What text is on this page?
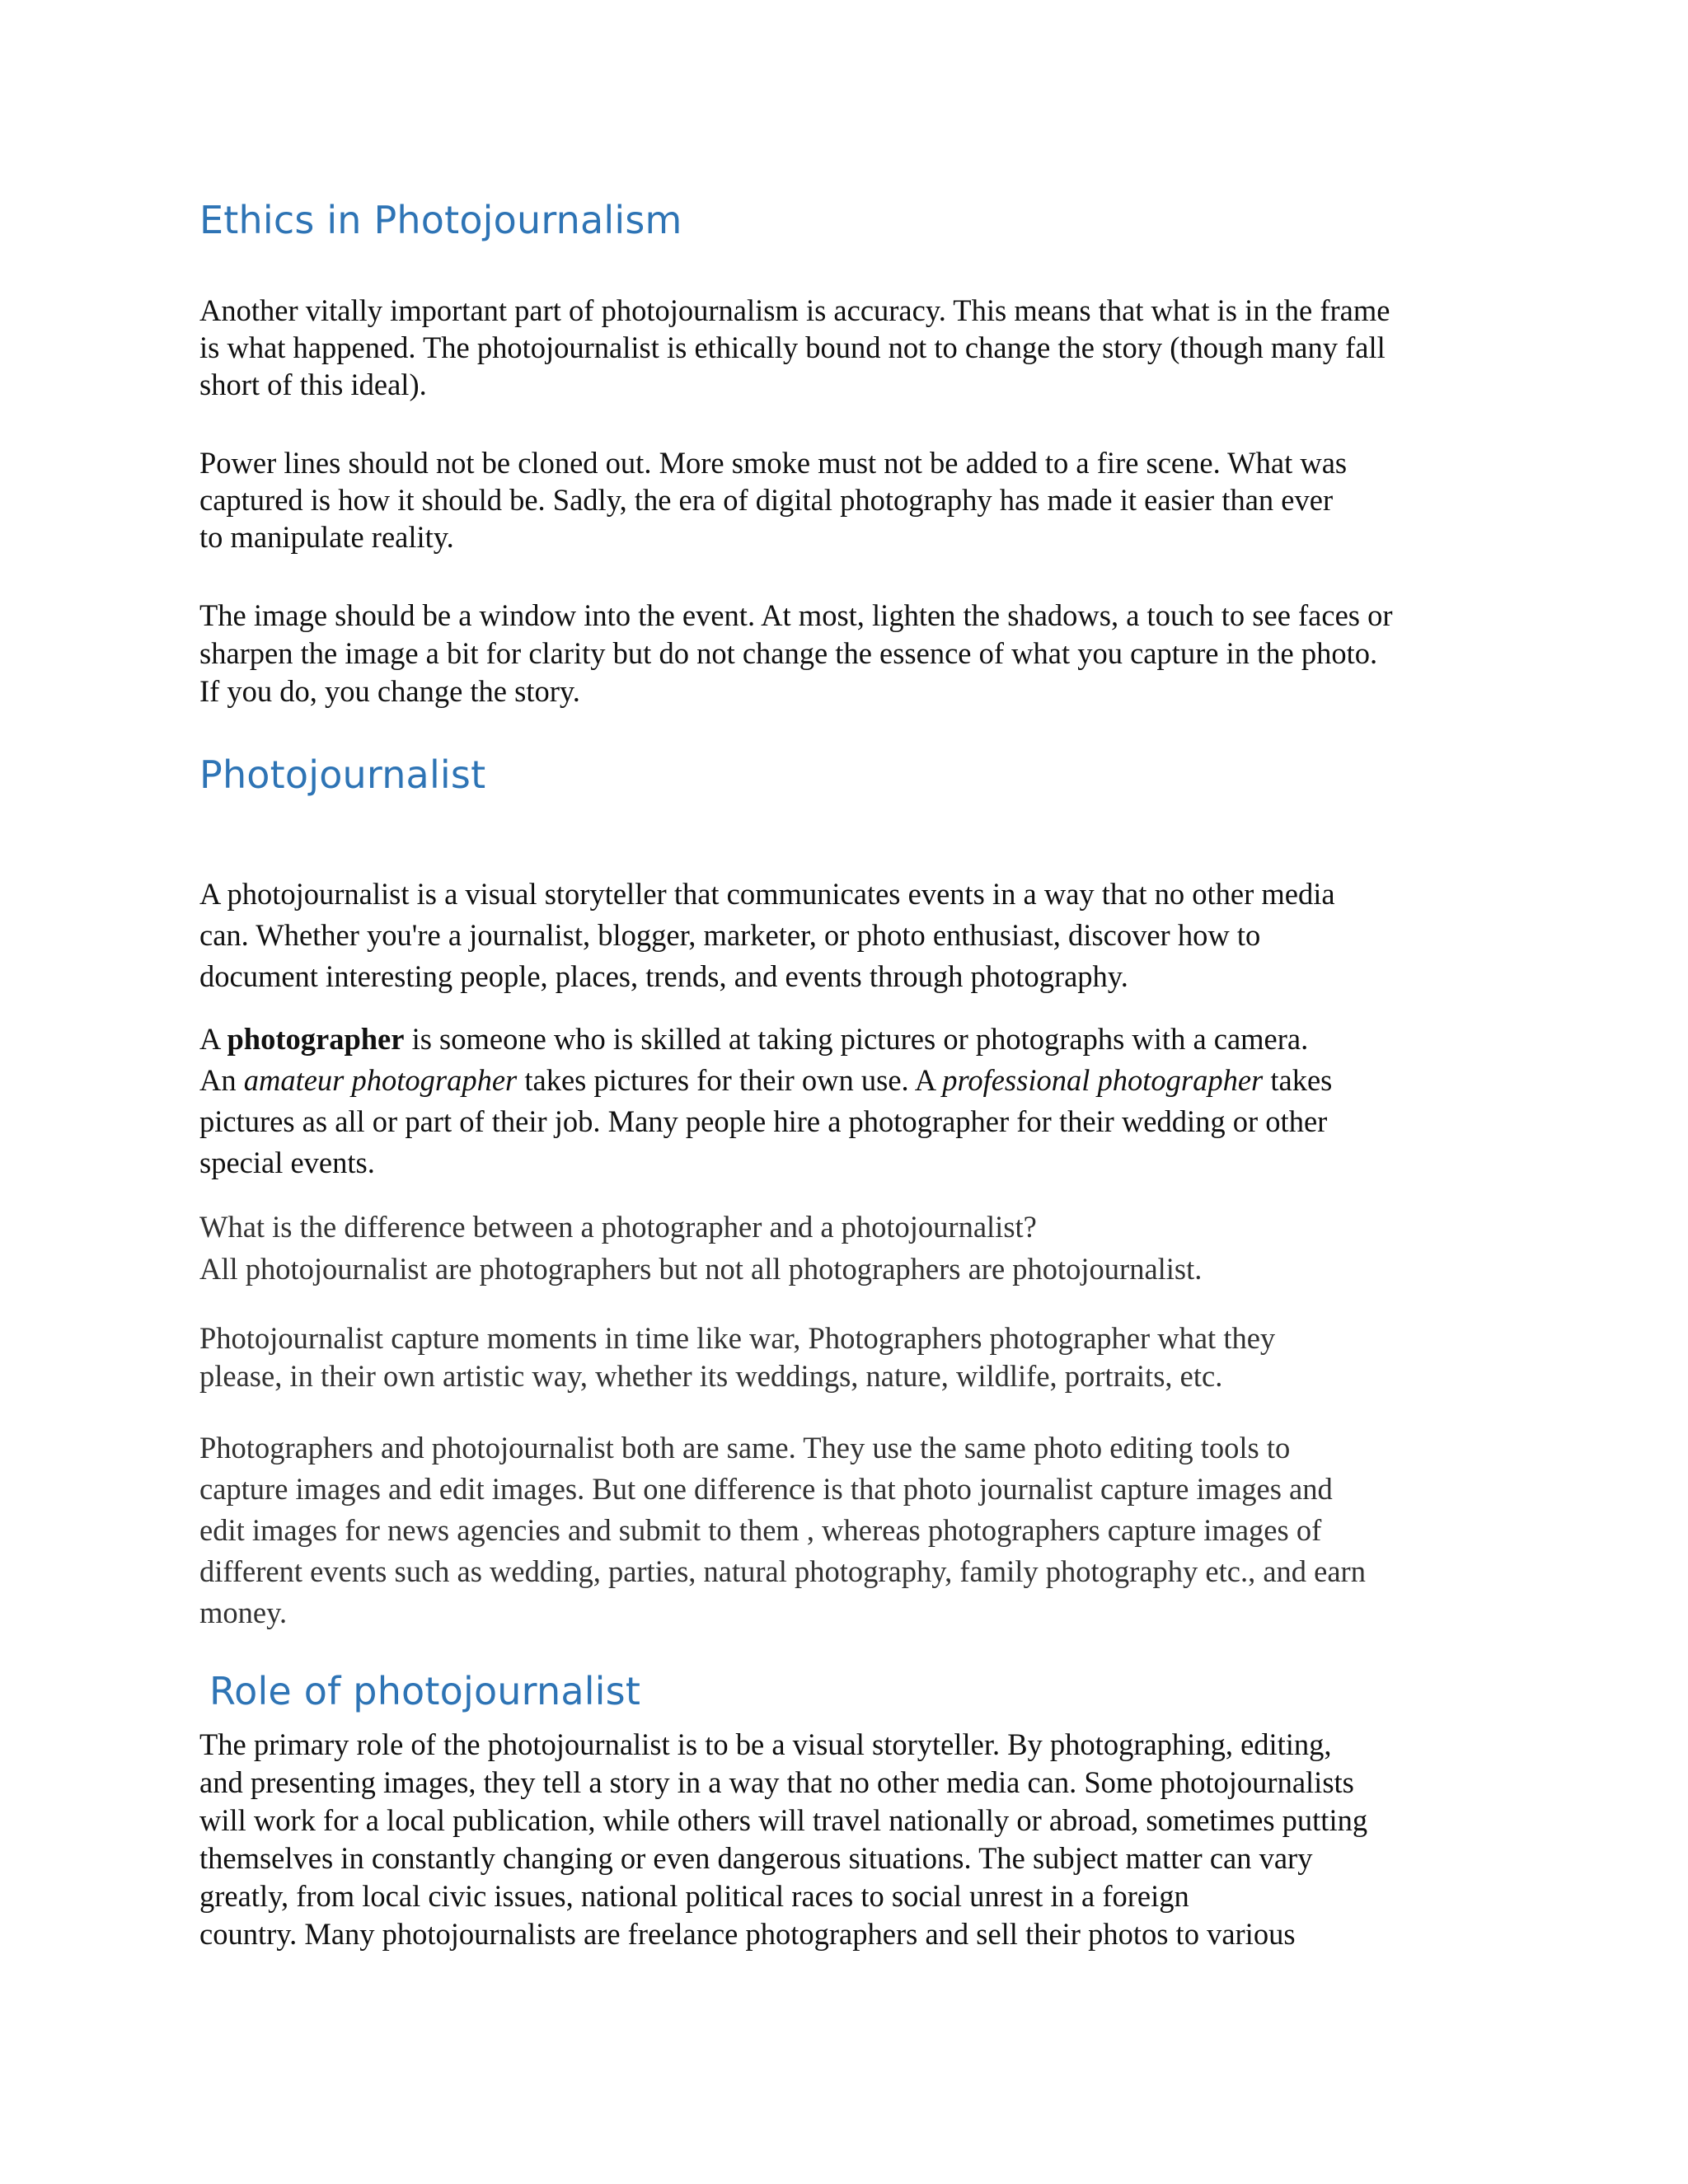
Ethics in Photojournalism

Another vitally important part of photojournalism is accuracy. This means that what is in the frame
is what happened. The photojournalist is ethically bound not to change the story (though many fall
short of this ideal).

Power lines should not be cloned out. More smoke must not be added to a fire scene. What was
captured is how it should be. Sadly, the era of digital photography has made it easier than ever
to manipulate reality.

The image should be a window into the event. At most, lighten the shadows, a touch to see faces or
sharpen the image a bit for clarity but do not change the essence of what you capture in the photo.
If you do, you change the story.

Photojournalist

A photojournalist is a visual storyteller that communicates events in a way that no other media
can. Whether you're a journalist, blogger, marketer, or photo enthusiast, discover how to
document interesting people, places, trends, and events through photography.

A photographer is someone who is skilled at taking pictures or photographs with a camera.
An amateur photographer takes pictures for their own use. A professional photographer takes
pictures as all or part of their job. Many people hire a photographer for their wedding or other
special events.

What is the difference between a photographer and a photojournalist?
All photojournalist are photographers but not all photographers are photojournalist.

Photojournalist capture moments in time like war, Photographers photographer what they
please, in their own artistic way, whether its weddings, nature, wildlife, portraits, etc.

Photographers and photojournalist both are same. They use the same photo editing tools to
capture images and edit images. But one difference is that photo journalist capture images and
edit images for news agencies and submit to them , whereas photographers capture images of
different events such as wedding, parties, natural photography, family photography etc., and earn
money.

Role of photojournalist

The primary role of the photojournalist is to be a visual storyteller. By photographing, editing,
and presenting images, they tell a story in a way that no other media can. Some photojournalists
will work for a local publication, while others will travel nationally or abroad, sometimes putting
themselves in constantly changing or even dangerous situations. The subject matter can vary
greatly, from local civic issues, national political races to social unrest in a foreign
country. Many photojournalists are freelance photographers and sell their photos to various
